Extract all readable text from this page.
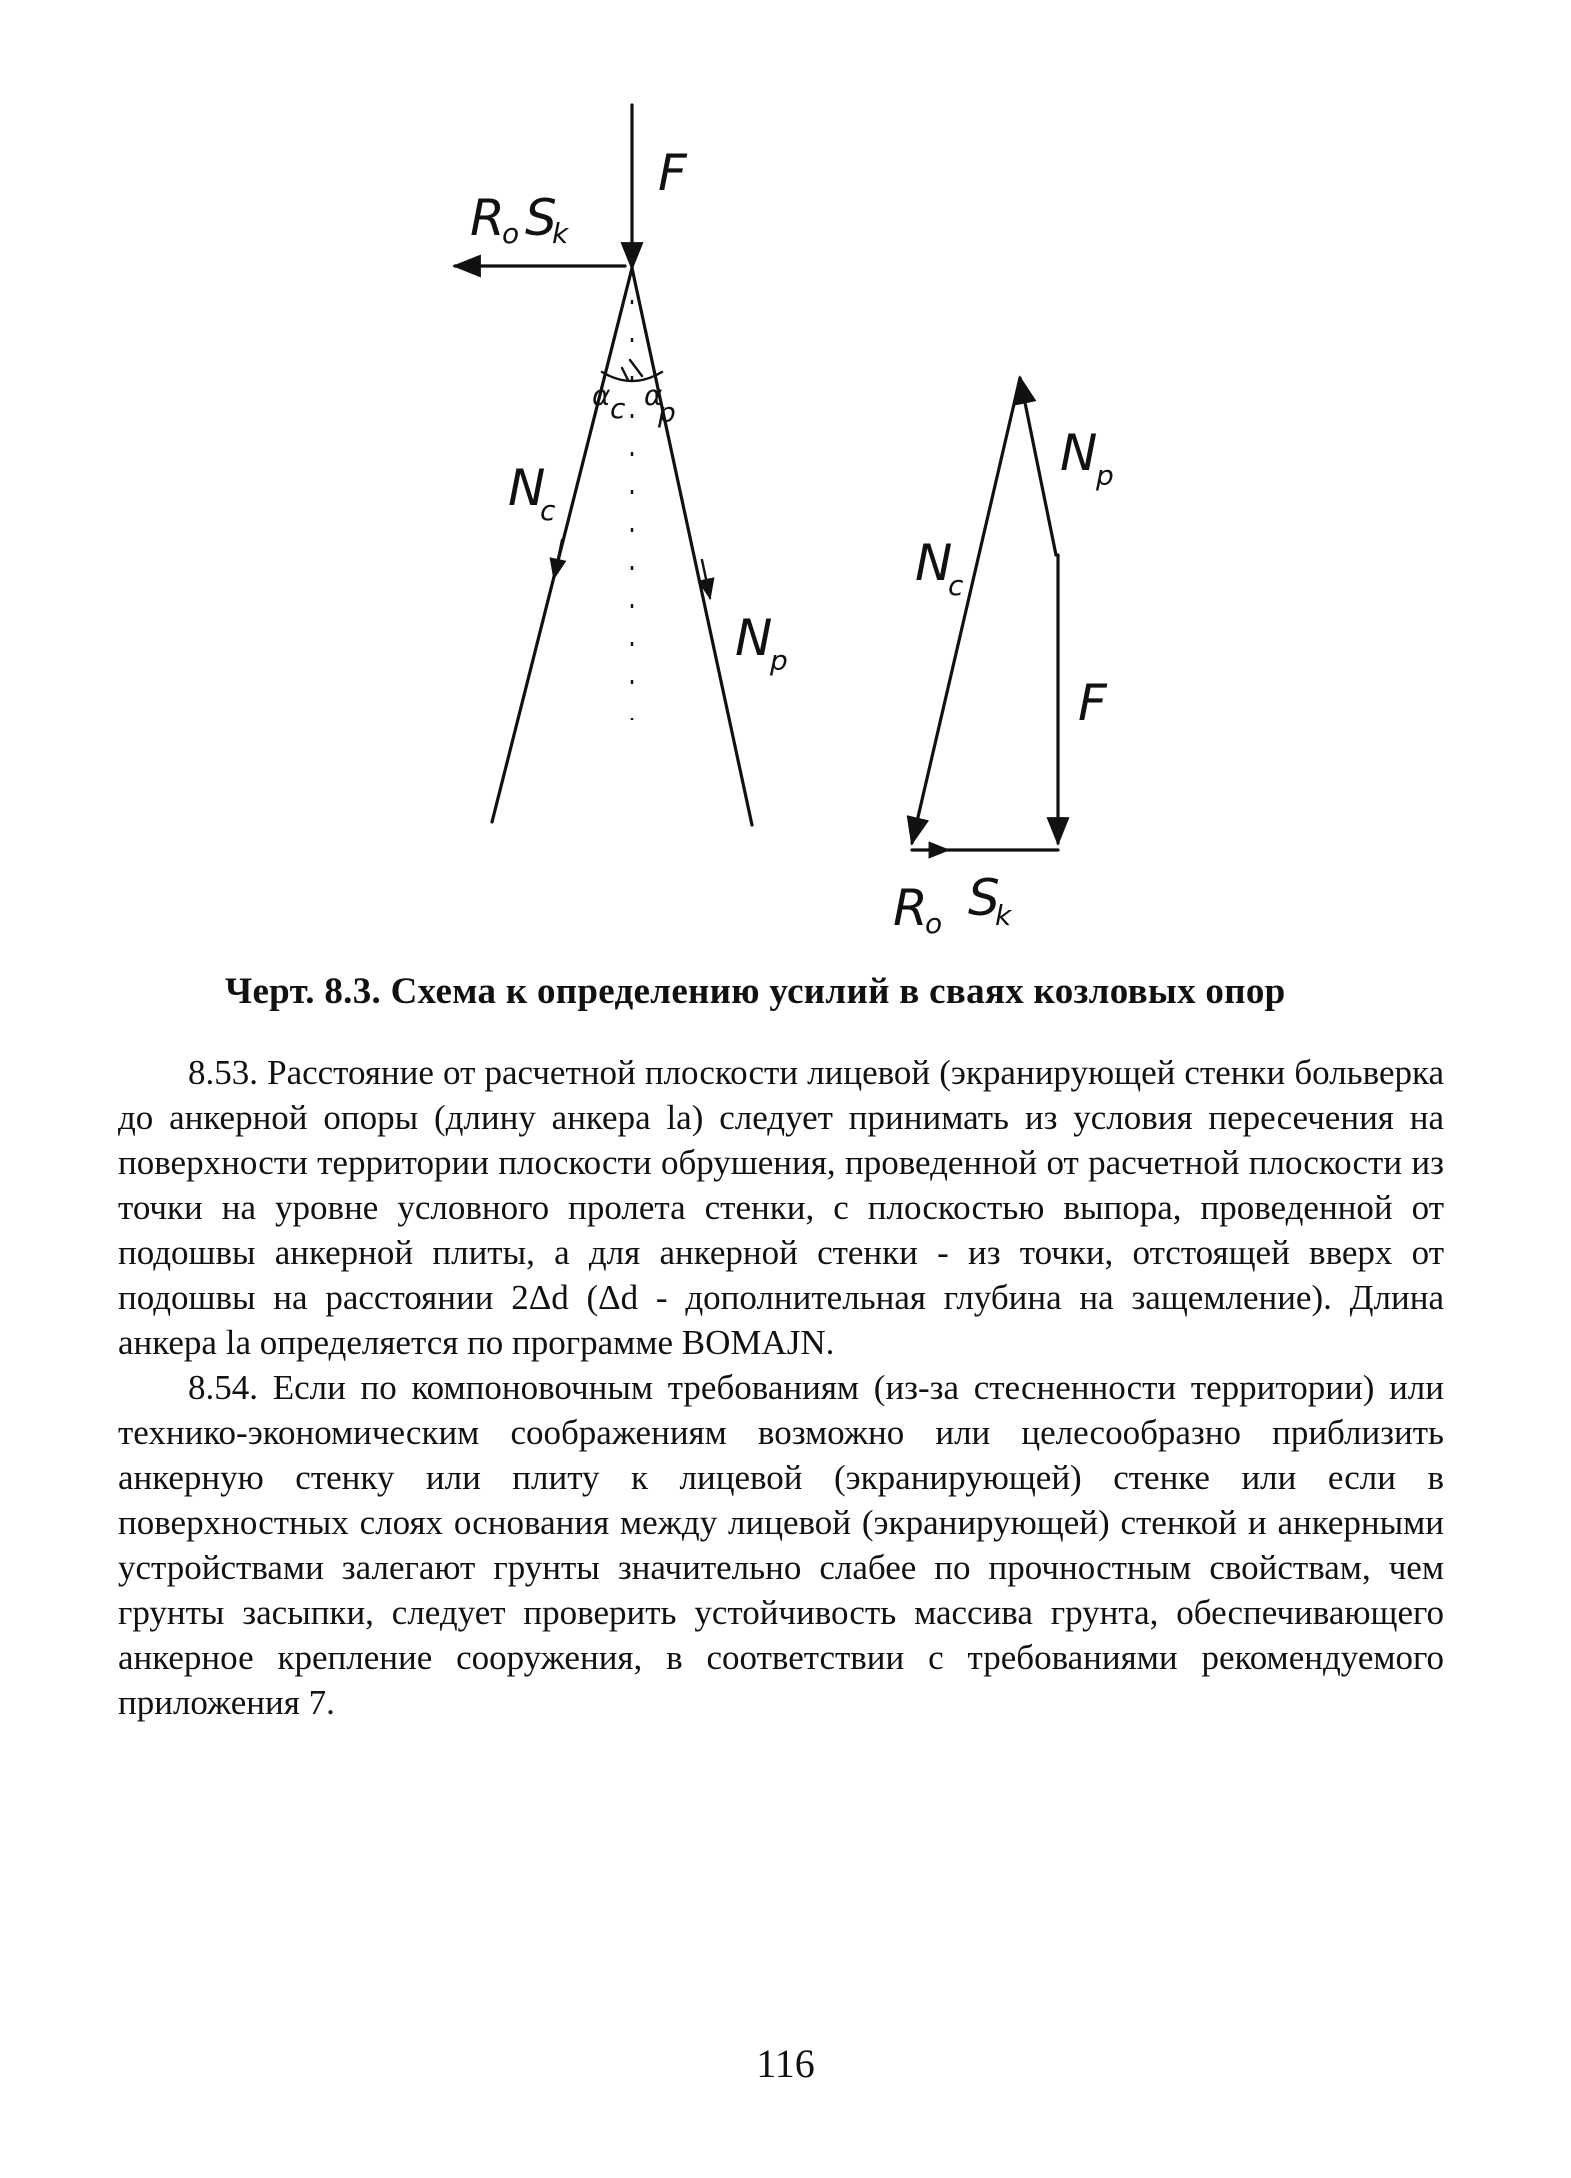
F
R
o S
k
α c α
p
N
c
N
p
N
p
N
c
F
R
o S
k
Черт. 8.3. Схема к определению усилий в сваях козловых опор

8.53. Расстояние от расчетной плоскости лицевой (экранирующей стенки больверка до анкерной опоры (длину анкера lа) следует принимать из условия пересечения на поверхности территории плоскости обрушения, проведенной от расчетной плоскости из точки на уровне условного пролета стенки, с плоскостью выпора, проведенной от подошвы анкерной плиты, а для анкерной стенки - из точки, отстоящей вверх от подошвы на расстоянии 2Δd (Δd - дополнительная глубина на защемление). Длина анкера lа определяется по программе BOMAJN.

8.54. Если по компоновочным требованиям (из-за стесненности территории) или технико-экономическим соображениям возможно или целесообразно приблизить анкерную стенку или плиту к лицевой (экранирующей) стенке или если в поверхностных слоях основания между лицевой (экранирующей) стенкой и анкерными устройствами залегают грунты значительно слабее по прочностным свойствам, чем грунты засыпки, следует проверить устойчивость массива грунта, обеспечивающего анкерное крепление сооружения, в соответствии с требованиями рекомендуемого приложения 7.

116
